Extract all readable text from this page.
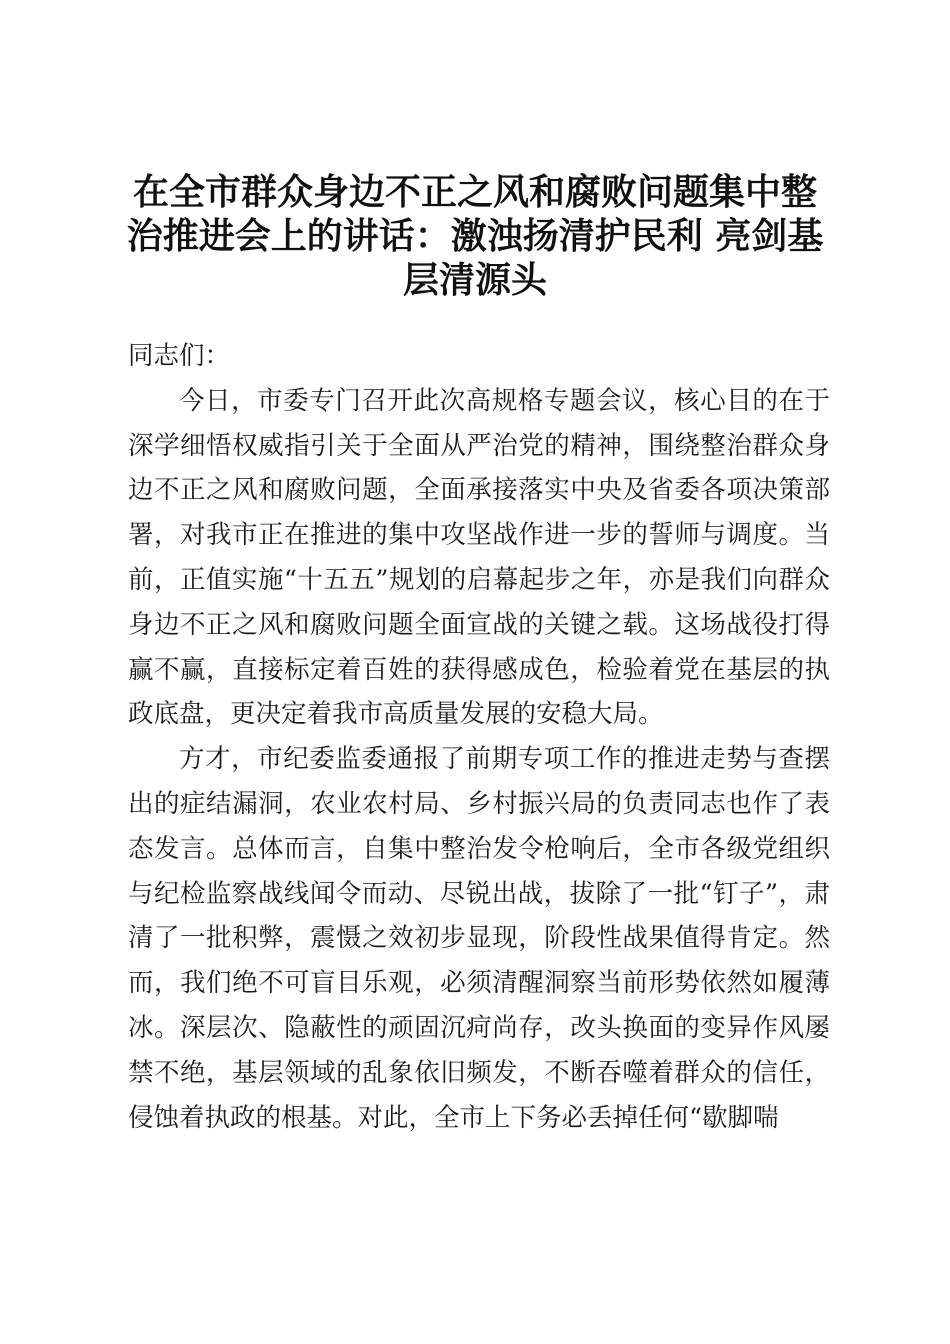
在全市群众身边不正之风和腐败问题集中整治推进会上的讲话：激浊扬清护民利 亮剑基层清源头

同志们：

今日，市委专门召开此次高规格专题会议，核心目的在于深学细悟权威指引关于全面从严治党的精神，围绕整治群众身边不正之风和腐败问题，全面承接落实中央及省委各项决策部署，对我市正在推进的集中攻坚战作进一步的誓师与调度。当前，正值实施“十五五”规划的启幕起步之年，亦是我们向群众身边不正之风和腐败问题全面宣战的关键之载。这场战役打得赢不赢，直接标定着百姓的获得感成色，检验着党在基层的执政底盘，更决定着我市高质量发展的安稳大局。

方才，市纪委监委通报了前期专项工作的推进走势与查摆出的症结漏洞，农业农村局、乡村振兴局的负责同志也作了表态发言。总体而言，自集中整治发令枪响后，全市各级党组织与纪检监察战线闻令而动、尽锐出战，拔除了一批“钉子”，肃清了一批积弊，震慑之效初步显现，阶段性战果值得肯定。然而，我们绝不可盲目乐观，必须清醒洞察当前形势依然如履薄冰。深层次、隐蔽性的顽固沉疴尚存，改头换面的变异作风屡禁不绝，基层领域的乱象依旧频发，不断吞噬着群众的信任，侵蚀着执政的根基。对此，全市上下务必丢掉任何“歇脚喘
